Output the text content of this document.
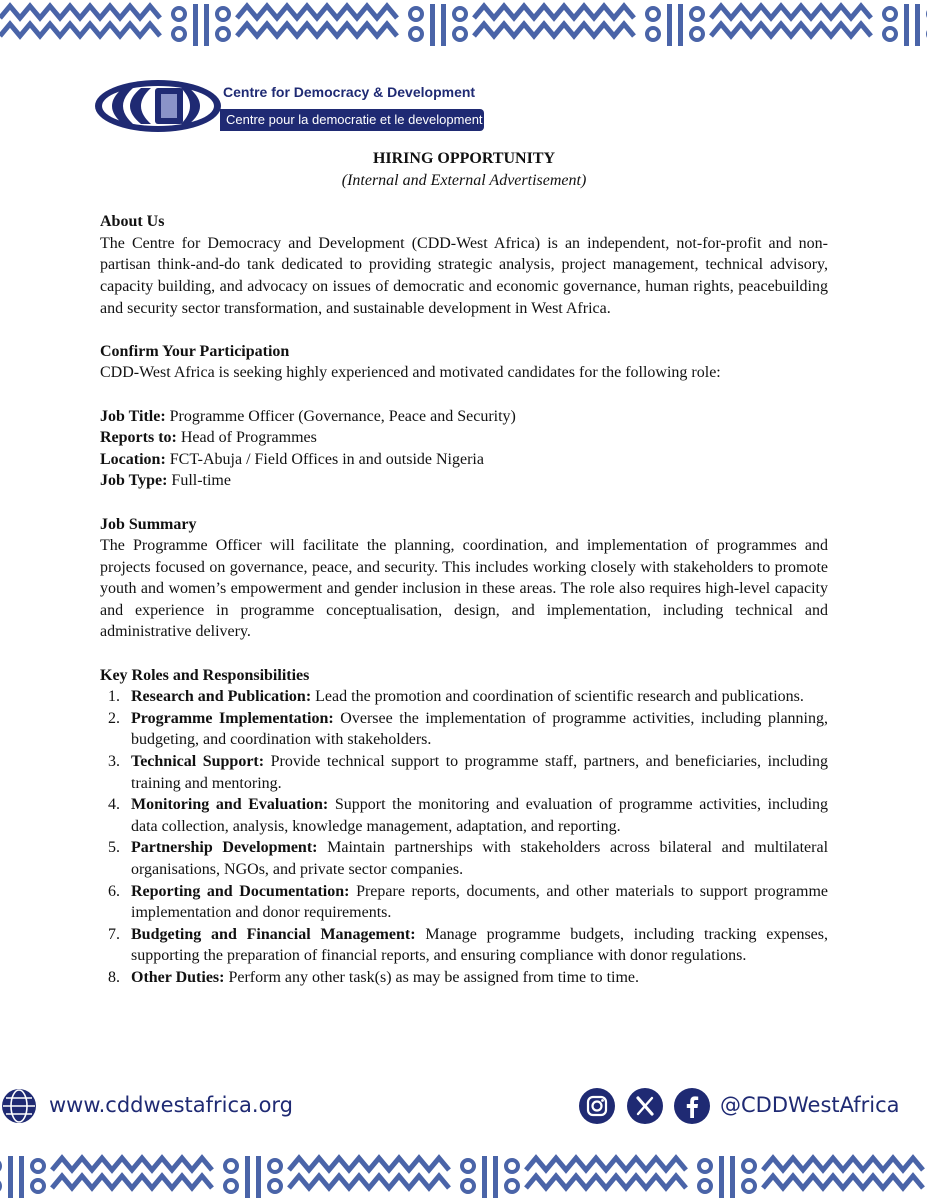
Centre for Democracy & Development
Centre pour la democratie et le development

HIRING OPPORTUNITY

(Internal and External Advertisement)

About Us

The Centre for Democracy and Development (CDD-West Africa) is an independent, not-for-profit and non-partisan think-and-do tank dedicated to providing strategic analysis, project management, technical advisory, capacity building, and advocacy on issues of democratic and economic governance, human rights, peacebuilding and security sector transformation, and sustainable development in West Africa.

Confirm Your Participation

CDD-West Africa is seeking highly experienced and motivated candidates for the following role:

Job Title: Programme Officer (Governance, Peace and Security)

Reports to: Head of Programmes

Location: FCT-Abuja / Field Offices in and outside Nigeria

Job Type: Full-time

Job Summary

The Programme Officer will facilitate the planning, coordination, and implementation of programmes and projects focused on governance, peace, and security. This includes working closely with stakeholders to promote youth and women’s empowerment and gender inclusion in these areas. The role also requires high-level capacity and experience in programme conceptualisation, design, and implementation, including technical and administrative delivery.

Key Roles and Responsibilities

1. Research and Publication: Lead the promotion and coordination of scientific research and publications.
2. Programme Implementation: Oversee the implementation of programme activities, including planning, budgeting, and coordination with stakeholders.
3. Technical Support: Provide technical support to programme staff, partners, and beneficiaries, including training and mentoring.
4. Monitoring and Evaluation: Support the monitoring and evaluation of programme activities, including data collection, analysis, knowledge management, adaptation, and reporting.
5. Partnership Development: Maintain partnerships with stakeholders across bilateral and multilateral organisations, NGOs, and private sector companies.
6. Reporting and Documentation: Prepare reports, documents, and other materials to support programme implementation and donor requirements.
7. Budgeting and Financial Management: Manage programme budgets, including tracking expenses, supporting the preparation of financial reports, and ensuring compliance with donor regulations.
8. Other Duties: Perform any other task(s) as may be assigned from time to time.
www.cddwestafrica.org	@CDDWestAfrica
